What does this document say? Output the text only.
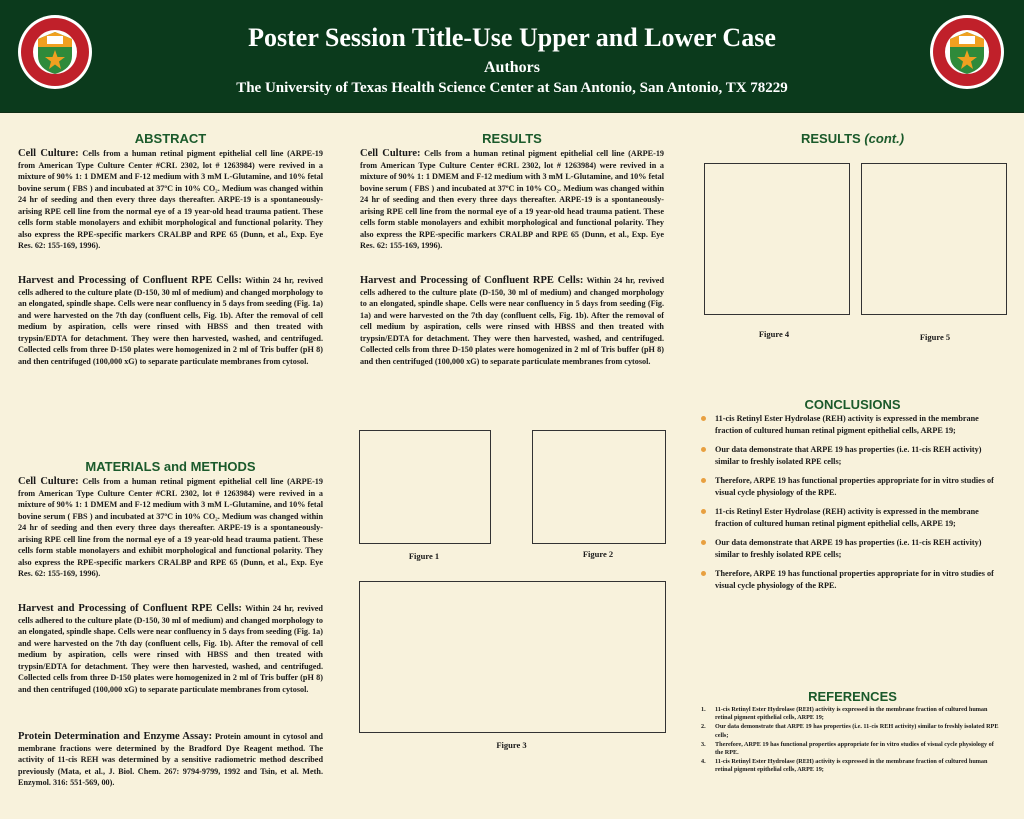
Poster Session Title-Use Upper and Lower Case
Authors
The University of Texas Health Science Center at San Antonio, San Antonio, TX 78229
ABSTRACT

Cell Culture: Cells from a human retinal pigment epithelial cell line (ARPE-19 from American Type Culture Center #CRL 2302, lot # 1263984) were revived in a mixture of 90% 1: 1 DMEM and F-12 medium with 3 mM L-Glutamine, and 10% fetal bovine serum ( FBS ) and incubated at 37ºC in 10% CO₂. Medium was changed within 24 hr of seeding and then every three days thereafter. ARPE-19 is a spontaneously-arising RPE cell line from the normal eye of a 19 year-old head trauma patient. These cells form stable monolayers and exhibit morphological and functional polarity. They also express the RPE-specific markers CRALBP and RPE 65 (Dunn, et al., Exp. Eye Res. 62: 155-169, 1996).

Harvest and Processing of Confluent RPE Cells: Within 24 hr, revived cells adhered to the culture plate (D-150, 30 ml of medium) and changed morphology to an elongated, spindle shape. Cells were near confluency in 5 days from seeding (Fig. 1a) and were harvested on the 7th day (confluent cells, Fig. 1b). After the removal of cell medium by aspiration, cells were rinsed with HBSS and then treated with trypsin/EDTA for detachment. They were then harvested, washed, and centrifuged. Collected cells from three D-150 plates were homogenized in 2 ml of Tris buffer (pH 8) and then centrifuged (100,000 xG) to separate particulate membranes from cytosol.

MATERIALS and METHODS

Cell Culture: Cells from a human retinal pigment epithelial cell line (ARPE-19 from American Type Culture Center #CRL 2302, lot # 1263984) were revived in a mixture of 90% 1: 1 DMEM and F-12 medium with 3 mM L-Glutamine, and 10% fetal bovine serum ( FBS ) and incubated at 37ºC in 10% CO₂. Medium was changed within 24 hr of seeding and then every three days thereafter. ARPE-19 is a spontaneously-arising RPE cell line from the normal eye of a 19 year-old head trauma patient. These cells form stable monolayers and exhibit morphological and functional polarity. They also express the RPE-specific markers CRALBP and RPE 65 (Dunn, et al., Exp. Eye Res. 62: 155-169, 1996).

Harvest and Processing of Confluent RPE Cells: Within 24 hr, revived cells adhered to the culture plate (D-150, 30 ml of medium) and changed morphology to an elongated, spindle shape. Cells were near confluency in 5 days from seeding (Fig. 1a) and were harvested on the 7th day (confluent cells, Fig. 1b). After the removal of cell medium by aspiration, cells were rinsed with HBSS and then treated with trypsin/EDTA for detachment. They were then harvested, washed, and centrifuged. Collected cells from three D-150 plates were homogenized in 2 ml of Tris buffer (pH 8) and then centrifuged (100,000 xG) to separate particulate membranes from cytosol.

Protein Determination and Enzyme Assay: Protein amount in cytosol and membrane fractions were determined by the Bradford Dye Reagent method. The activity of 11-cis REH was determined by a sensitive radiometric method described previously (Mata, et al., J. Biol. Chem. 267: 9794-9799, 1992 and Tsin, et al. Meth. Enzymol. 316: 551-569, 00).

RESULTS

Cell Culture: Cells from a human retinal pigment epithelial cell line (ARPE-19 from American Type Culture Center #CRL 2302, lot # 1263984) were revived in a mixture of 90% 1: 1 DMEM and F-12 medium with 3 mM L-Glutamine, and 10% fetal bovine serum ( FBS ) and incubated at 37ºC in 10% CO₂. Medium was changed within 24 hr of seeding and then every three days thereafter. ARPE-19 is a spontaneously-arising RPE cell line from the normal eye of a 19 year-old head trauma patient. These cells form stable monolayers and exhibit morphological and functional polarity. They also express the RPE-specific markers CRALBP and RPE 65 (Dunn, et al., Exp. Eye Res. 62: 155-169, 1996).

Harvest and Processing of Confluent RPE Cells: Within 24 hr, revived cells adhered to the culture plate (D-150, 30 ml of medium) and changed morphology to an elongated, spindle shape. Cells were near confluency in 5 days from seeding (Fig. 1a) and were harvested on the 7th day (confluent cells, Fig. 1b). After the removal of cell medium by aspiration, cells were rinsed with HBSS and then treated with trypsin/EDTA for detachment. They were then harvested, washed, and centrifuged. Collected cells from three D-150 plates were homogenized in 2 ml of Tris buffer (pH 8) and then centrifuged (100,000 xG) to separate particulate membranes from cytosol.

Figure 1	Figure 2
Figure 3
RESULTS (cont.)
Figure 4	Figure 5
CONCLUSIONS
11-cis Retinyl Ester Hydrolase (REH) activity is expressed in the membrane fraction of cultured human retinal pigment epithelial cells, ARPE 19;
Our data demonstrate that ARPE 19 has properties (i.e. 11-cis REH activity) similar to freshly isolated RPE cells;
Therefore, ARPE 19 has functional properties appropriate for in vitro studies of visual cycle physiology of the RPE.
11-cis Retinyl Ester Hydrolase (REH) activity is expressed in the membrane fraction of cultured human retinal pigment epithelial cells, ARPE 19;
Our data demonstrate that ARPE 19 has properties (i.e. 11-cis REH activity) similar to freshly isolated RPE cells;
Therefore, ARPE 19 has functional properties appropriate for in vitro studies of visual cycle physiology of the RPE.
REFERENCES
1. 11-cis Retinyl Ester Hydrolase (REH) activity is expressed in the membrane fraction of cultured human retinal pigment epithelial cells, ARPE 19;
2. Our data demonstrate that ARPE 19 has properties (i.e. 11-cis REH activity) similar to freshly isolated RPE cells;
3. Therefore, ARPE 19 has functional properties appropriate for in vitro studies of visual cycle physiology of the RPE.
4. 11-cis Retinyl Ester Hydrolase (REH) activity is expressed in the membrane fraction of cultured human retinal pigment epithelial cells, ARPE 19;
